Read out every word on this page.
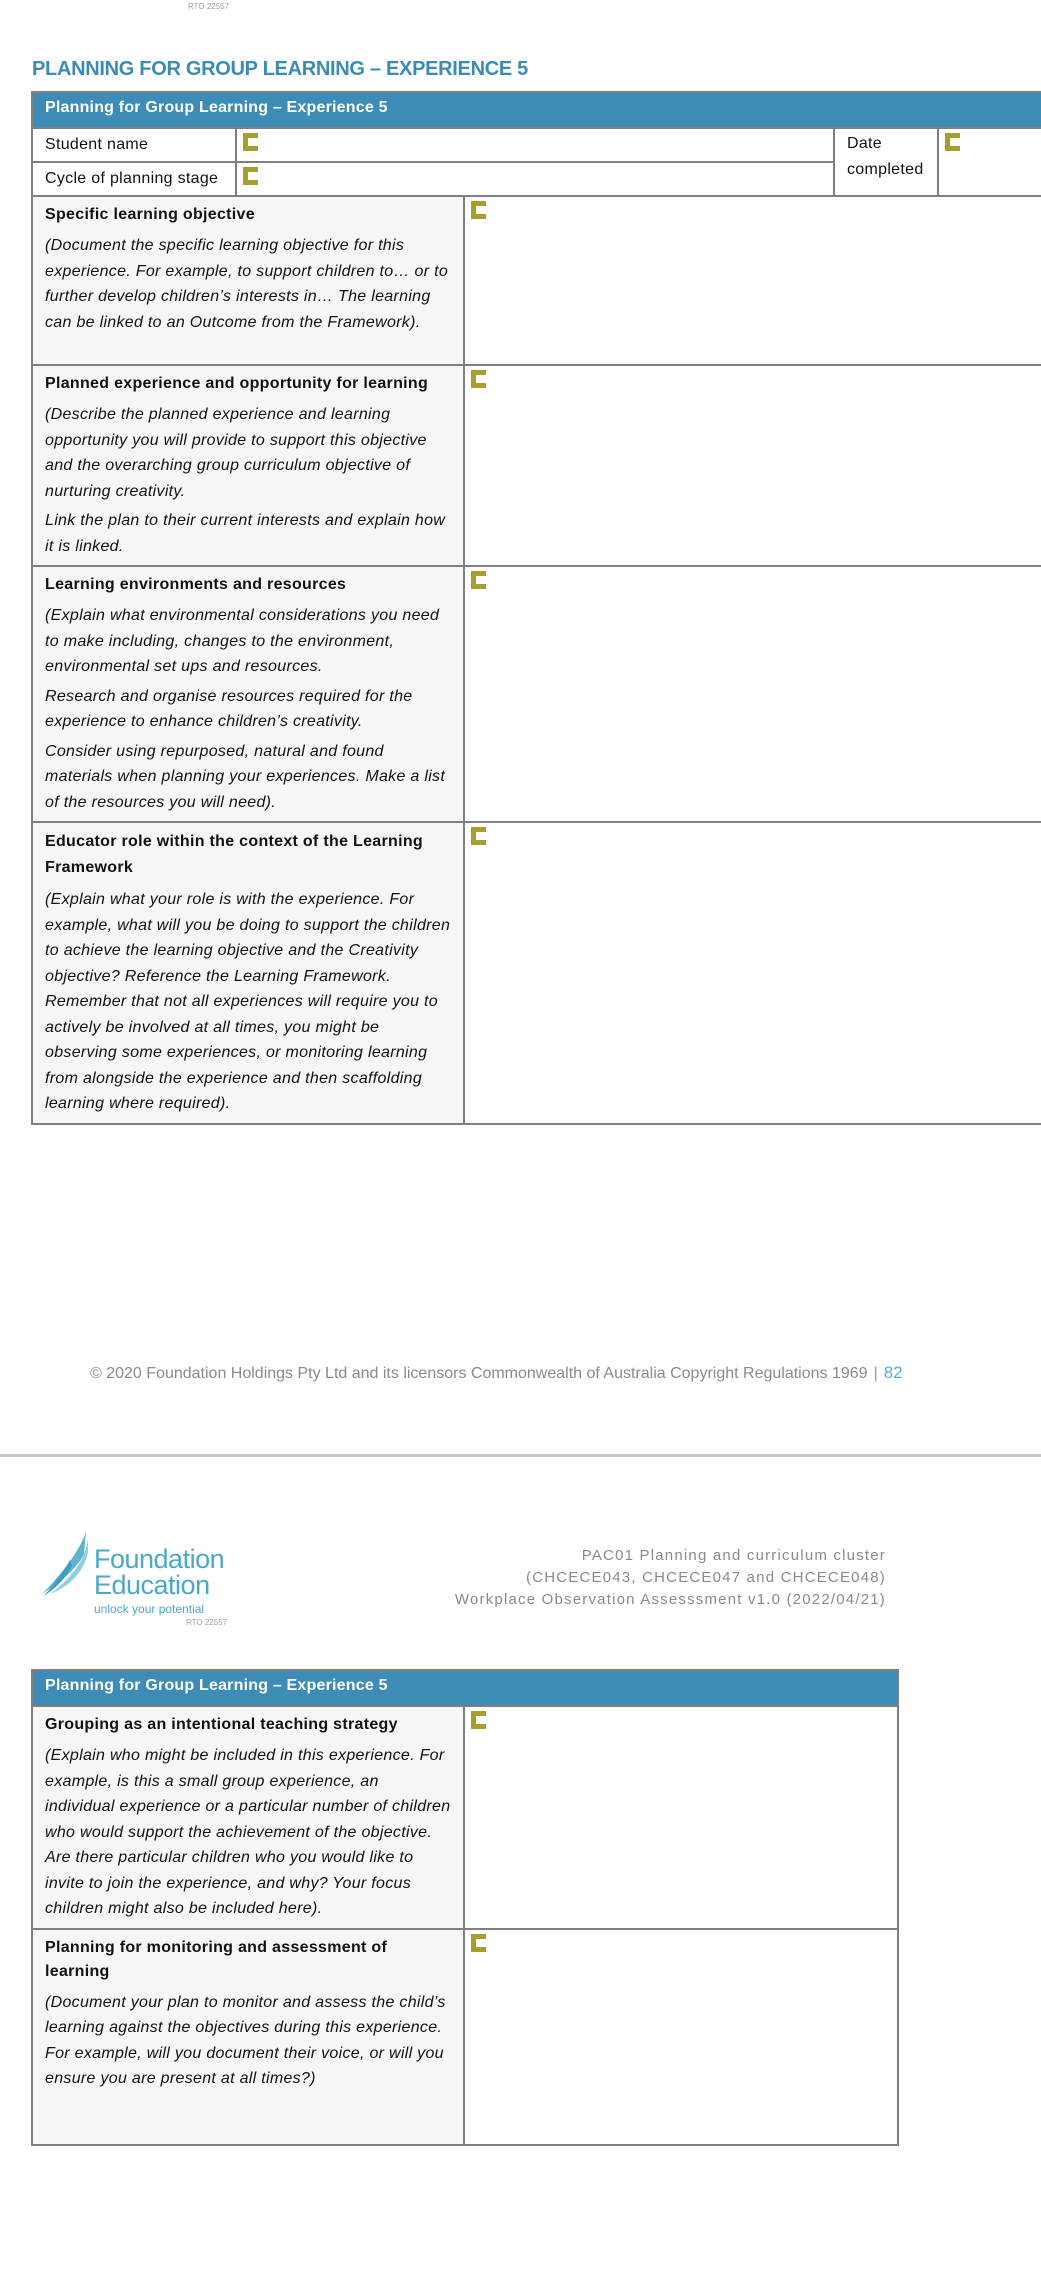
RTO 22557
PLANNING FOR GROUP LEARNING – EXPERIENCE 5
Planning for Group Learning – Experience 5				
Student name			Date
completed	
Cycle of planning stage				

Specific learning objective
(Document the specific learning objective for this experience. For example, to support children to… or to further develop children’s interests in… The learning can be linked to an Outcome from the Framework).				

Planned experience and opportunity for learning
(Describe the planned experience and learning opportunity you will provide to support this objective and the overarching group curriculum objective of nurturing creativity.
Link the plan to their current interests and explain how it is linked.				

Learning environments and resources
(Explain what environmental considerations you need to make including, changes to the environment, environmental set ups and resources.
Research and organise resources required for the experience to enhance children’s creativity.
Consider using repurposed, natural and found materials when planning your experiences. Make a list of the resources you will need).				

Educator role within the context of the Learning Framework
(Explain what your role is with the experience. For example, what will you be doing to support the children to achieve the learning objective and the Creativity objective? Reference the Learning Framework. Remember that not all experiences will require you to actively be involved at all times, you might be observing some experiences, or monitoring learning from alongside the experience and then scaffolding learning where required).				

© 2020 Foundation Holdings Pty Ltd and its licensors Commonwealth of Australia Copyright Regulations 1969 | 82
Foundation
Education
unlock your potential
RTO 22557
PAC01 Planning and curriculum cluster
(CHCECE043, CHCECE047 and CHCECE048)
Workplace Observation Assesssment v1.0 (2022/04/21)
Planning for Group Learning – Experience 5	

Grouping as an intentional teaching strategy
(Explain who might be included in this experience. For example, is this a small group experience, an individual experience or a particular number of children who would support the achievement of the objective. Are there particular children who you would like to invite to join the experience, and why? Your focus children might also be included here).	

Planning for monitoring and assessment of learning
(Document your plan to monitor and assess the child’s learning against the objectives during this experience. For example, will you document their voice, or will you ensure you are present at all times?)	
